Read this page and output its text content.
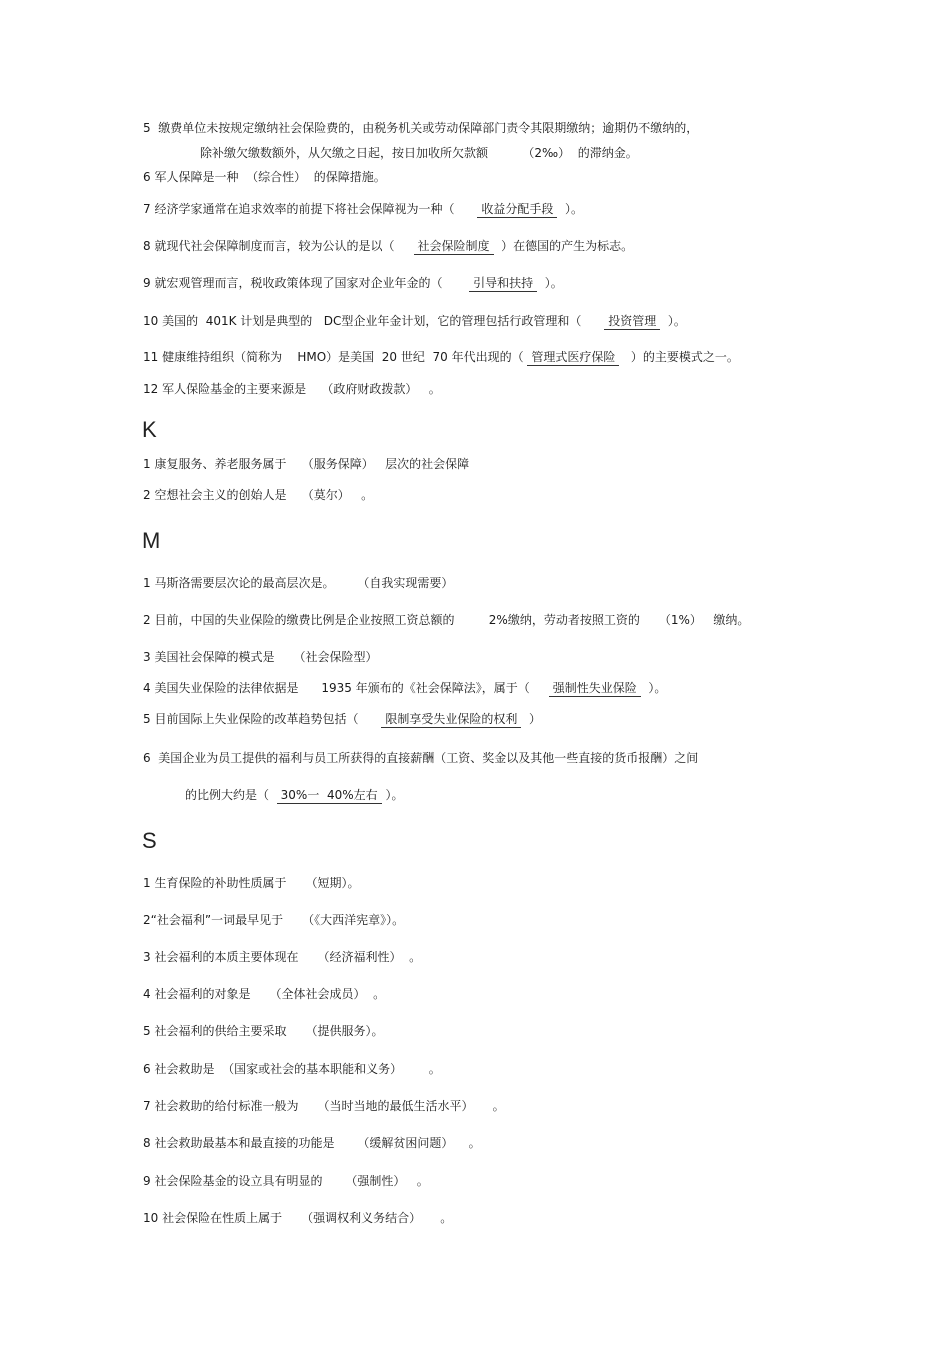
5  缴费单位未按规定缴纳社会保险费的，由税务机关或劳动保障部门责令其限期缴纳；逾期仍不缴纳的，
除补缴欠缴数额外，从欠缴之日起，按日加收所欠款额         （2‰）  的滞纳金。
6 军人保障是一种  （综合性）  的保障措施。
7 经济学家通常在追求效率的前提下将社会保障视为一种（      收益分配手段  ）。
8 就现代社会保障制度而言，较为公认的是以（     社会保险制度  ）在德国的产生为标志。
9 就宏观管理而言，税收政策体现了国家对企业年金的（       引导和扶持  ）。
10 美国的  401K 计划是典型的   DC型企业年金计划，它的管理包括行政管理和（      投资管理  ）。
11 健康维持组织（简称为    HMO）是美国  20 世纪  70 年代出现的（ 管理式医疗保险   ）的主要模式之一。
12 军人保险基金的主要来源是    （政府财政拨款）   。
K
1 康复服务、养老服务属于    （服务保障）   层次的社会保障
2 空想社会主义的创始人是    （莫尔）   。
M
1 马斯洛需要层次论的最高层次是。      （自我实现需要）
2 目前，中国的失业保险的缴费比例是企业按照工资总额的         2%缴纳，劳动者按照工资的     （1%）   缴纳。
3 美国社会保障的模式是     （社会保险型）
4 美国失业保险的法律依据是      1935 年颁布的《社会保障法》，属于（     强制性失业保险  ）。
5 目前国际上失业保险的改革趋势包括（      限制享受失业保险的权利  ）
6  美国企业为员工提供的福利与员工所获得的直接薪酬（工资、奖金以及其他一些直接的货币报酬）之间
的比例大约是（  30%一  40%左右 ）。
S
1 生育保险的补助性质属于     （短期）。
2“社会福利”一词最早见于     （《大西洋宪章》）。
3 社会福利的本质主要体现在     （经济福利性）  。
4 社会福利的对象是     （全体社会成员）  。
5 社会福利的供给主要采取     （提供服务）。
6 社会救助是  （国家或社会的基本职能和义务）       。
7 社会救助的给付标准一般为     （当时当地的最低生活水平）     。
8 社会救助最基本和最直接的功能是      （缓解贫困问题）    。
9 社会保险基金的设立具有明显的      （强制性）   。
10 社会保险在性质上属于     （强调权利义务结合）     。
